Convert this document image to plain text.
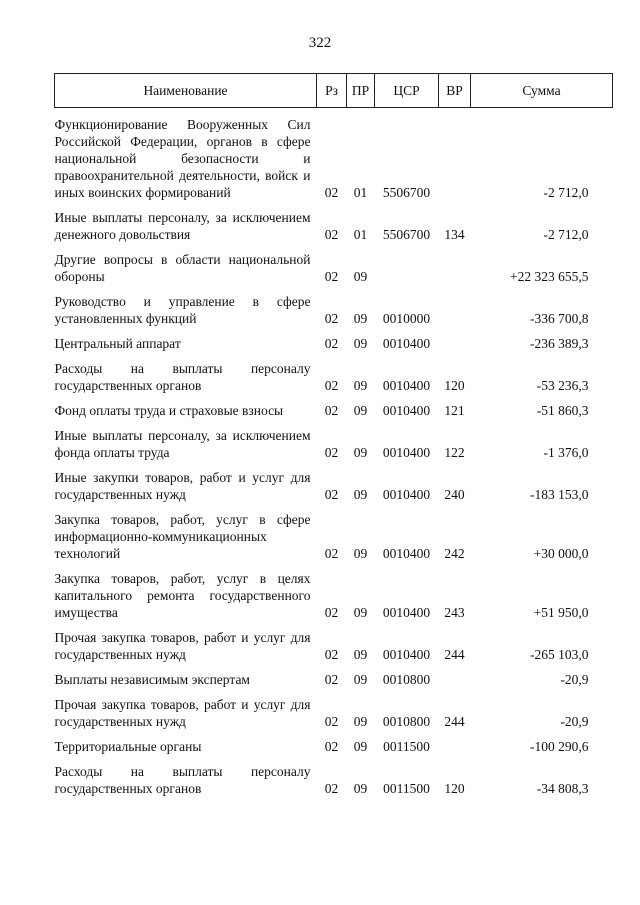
322
Наименование	Рз	ПР	ЦСР	ВР	Сумма

Функционирование Вооруженных Сил Российской Федерации, органов в сфере национальной безопасности и правоохранительной деятельности, войск и иных воинских формирований	02	01	5506700		-2 712,0

Иные выплаты персоналу, за исключением денежного довольствия	02	01	5506700	134	-2 712,0

Другие вопросы в области национальной обороны	02	09			+22 323 655,5

Руководство и управление в сфере установленных функций	02	09	0010000		-336 700,8

Центральный аппарат	02	09	0010400		-236 389,3

Расходы на выплаты персоналу государственных органов	02	09	0010400	120	-53 236,3

Фонд оплаты труда и страховые взносы	02	09	0010400	121	-51 860,3

Иные выплаты персоналу, за исключением фонда оплаты труда	02	09	0010400	122	-1 376,0

Иные закупки товаров, работ и услуг для государственных нужд	02	09	0010400	240	-183 153,0

Закупка товаров, работ, услуг в сфере информационно-коммуникационных технологий	02	09	0010400	242	+30 000,0

Закупка товаров, работ, услуг в целях капитального ремонта государственного имущества	02	09	0010400	243	+51 950,0

Прочая закупка товаров, работ и услуг для государственных нужд	02	09	0010400	244	-265 103,0

Выплаты независимым экспертам	02	09	0010800		-20,9

Прочая закупка товаров, работ и услуг для государственных нужд	02	09	0010800	244	-20,9

Территориальные органы	02	09	0011500		-100 290,6

Расходы на выплаты персоналу государственных органов	02	09	0011500	120	-34 808,3
